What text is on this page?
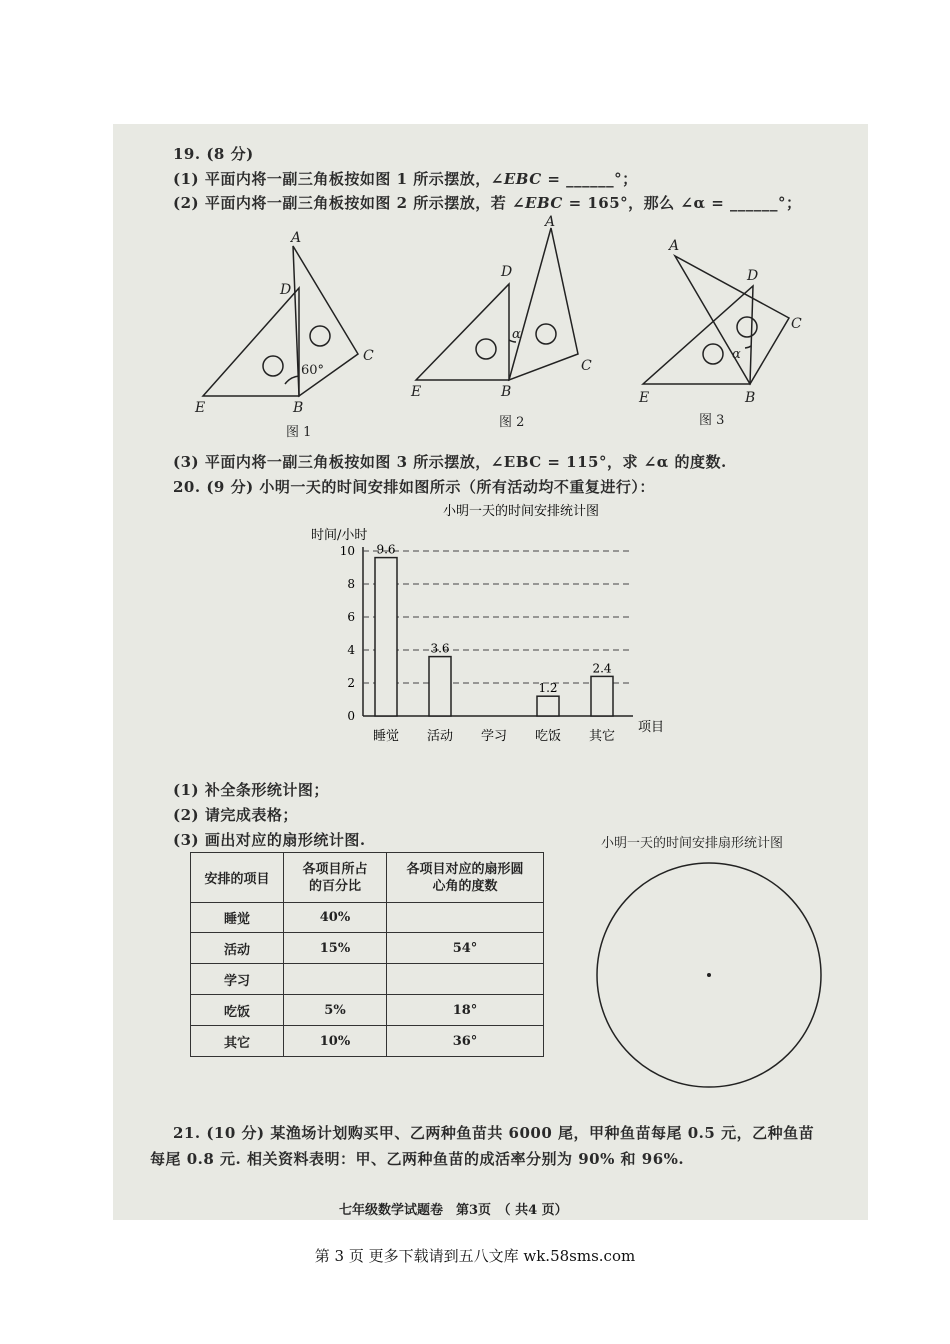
19. (8 分)
(1) 平面内将一副三角板按如图 1 所示摆放，∠EBC = ______°；
(2) 平面内将一副三角板按如图 2 所示摆放，若 ∠EBC = 165°，那么 ∠α = ______°；
A
D
C
E	B
60°
A
D
C
E	B
α
A
D
C
E	B
α
图 1
图 2	图 3
(3) 平面内将一副三角板按如图 3 所示摆放，∠EBC = 115°，求 ∠α 的度数.
20. (9 分) 小明一天的时间安排如图所示（所有活动均不重复进行）：
小明一天的时间安排统计图
时间/小时
项目
0
2
4
6
8
10 9.6
3.6
1.2
2.4
睡觉 活动 学习 吃饭 其它
(1) 补全条形统计图；
(2) 请完成表格；
(3) 画出对应的扇形统计图.	小明一天的时间安排扇形统计图
安排的项目	各项目所占
的百分比	各项目对应的扇形圆
心角的度数
睡觉	40%	
活动	15%	54°
学习		
吃饭	5%	18°
其它	10%	36°
21. (10 分) 某渔场计划购买甲、乙两种鱼苗共 6000 尾，甲种鱼苗每尾 0.5 元，乙种鱼苗
每尾 0.8 元. 相关资料表明：甲、乙两种鱼苗的成活率分别为 90% 和 96%.
七年级数学试题卷　第3页　（ 共4 页）
第 3 页 更多下载请到五八文库 wk.58sms.com
